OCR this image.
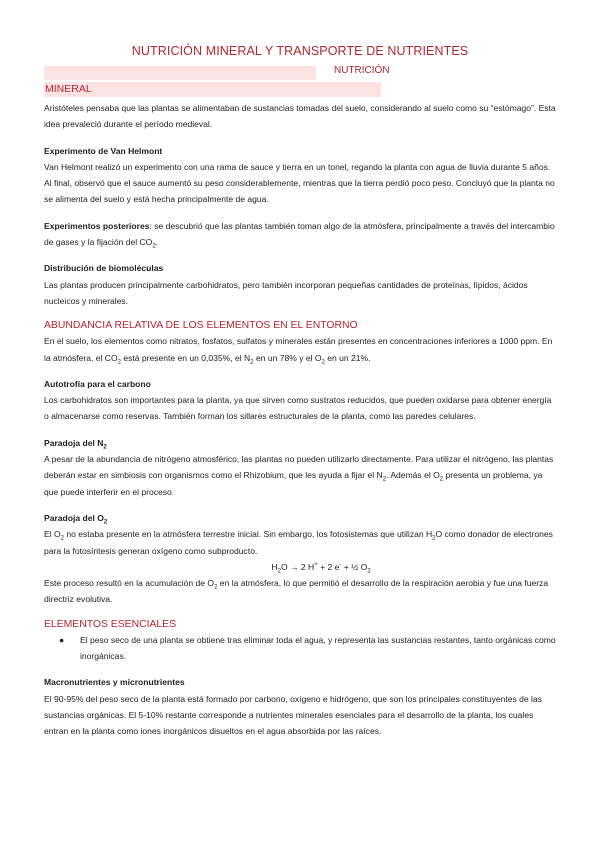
NUTRICIÓN MINERAL Y TRANSPORTE DE NUTRIENTES
NUTRICIÓN
MINERAL

Aristóteles pensaba que las plantas se alimentaban de sustancias tomadas del suelo, considerando al suelo como su “estómago”. Esta idea prevaleció durante el período medieval.

Experimento de Van Helmont

Van Helmont realizó un experimento con una rama de sauce y tierra en un tonel, regando la planta con agua de lluvia durante 5 años. Al final, observó que el sauce aumentó su peso considerablemente, mientras que la tierra perdió poco peso. Concluyó que la planta no se alimenta del suelo y está hecha principalmente de agua.

Experimentos posteriores: se descubrió que las plantas también toman algo de la atmósfera, principalmente a través del intercambio de gases y la fijación del $CO_2$.

Distribución de biomoléculas

Las plantas producen principalmente carbohidratos, pero también incorporan pequeñas cantidades de proteínas, lípidos, ácidos nucleicos y minerales.

ABUNDANCIA RELATIVA DE LOS ELEMENTOS EN EL ENTORNO

En el suelo, los elementos como nitratos, fosfatos, sulfatos y minerales están presentes en concentraciones inferiores a 1000 ppm. En la atmósfera, el $CO_2$ está presente en un 0,035%, el $N_2$ en un 78% y el $O_2$ en un 21%.

Autotrofía para el carbono

Los carbohidratos son importantes para la planta, ya que sirven como sustratos reducidos, que pueden oxidarse para obtener energía o almacenarse como reservas. También forman los sillares estructurales de la planta, como las paredes celulares.

Paradoja del $N_2$

A pesar de la abundancia de nitrógeno atmosférico, las plantas no pueden utilizarlo directamente. Para utilizar el nitrógeno, las plantas deberán estar en simbiosis con organismos como el Rhizobium, que les ayuda a fijar el $N_2$. Además el $O_2$ presenta un problema, ya que puede interferir en el proceso.

Paradoja del $O_2$

El $O_2$ no estaba presente en la atmósfera terrestre inicial. Sin embargo, los fotosistemas que utilizan $H_2O$ como donador de electrones para la fotosíntesis generan oxígeno como subproducto.

$H_2O \to 2$ H+ + 2 e- + ½ $O_2$

Este proceso resultó en la acumulación de $O_2$ en la atmósfera, lo que permitió el desarrollo de la respiración aerobia y fue una fuerza directriz evolutiva.

ELEMENTOS ESENCIALES

● El peso seco de una planta se obtiene tras eliminar toda el agua, y representa las sustancias restantes, tanto orgánicas como inorgánicas.

Macronutrientes y micronutrientes

El 90-95% del peso seco de la planta está formado por carbono, oxígeno e hidrógeno, que son los principales constituyentes de las sustancias orgánicas. El 5-10% restante corresponde a nutrientes minerales esenciales para el desarrollo de la planta, los cuales entran en la planta como iones inorgánicos disueltos en el agua absorbida por las raíces.
